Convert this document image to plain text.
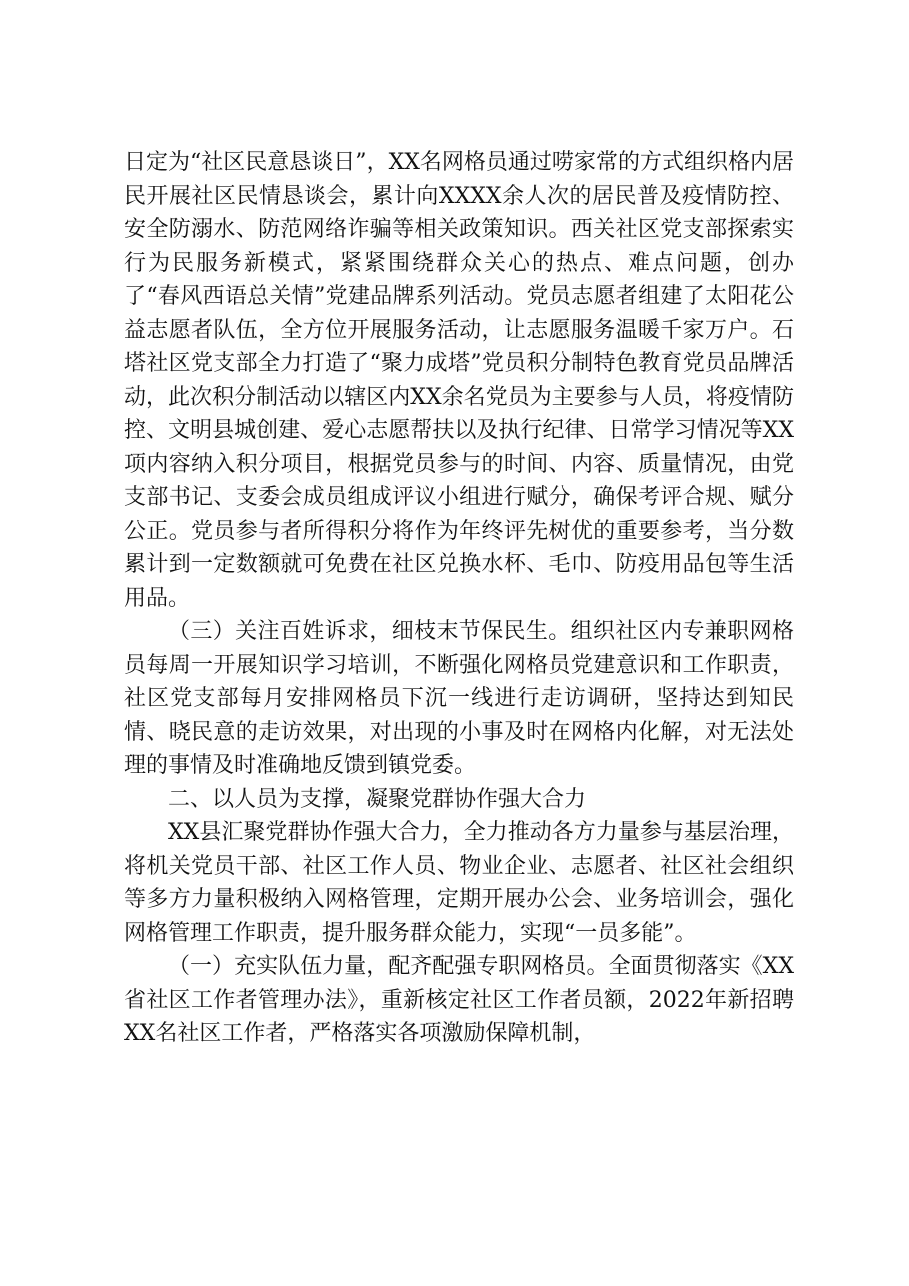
日定为“社区民意恳谈日”，XX名网格员通过唠家常的方式组织格内居民开展社区民情恳谈会，累计向XXXX余人次的居民普及疫情防控、安全防溺水、防范网络诈骗等相关政策知识。西关社区党支部探索实行为民服务新模式，紧紧围绕群众关心的热点、难点问题，创办了“春风西语总关情”党建品牌系列活动。党员志愿者组建了太阳花公益志愿者队伍，全方位开展服务活动，让志愿服务温暖千家万户。石塔社区党支部全力打造了“聚力成塔”党员积分制特色教育党员品牌活动，此次积分制活动以辖区内XX余名党员为主要参与人员，将疫情防控、文明县城创建、爱心志愿帮扶以及执行纪律、日常学习情况等XX项内容纳入积分项目，根据党员参与的时间、内容、质量情况，由党支部书记、支委会成员组成评议小组进行赋分，确保考评合规、赋分公正。党员参与者所得积分将作为年终评先树优的重要参考，当分数累计到一定数额就可免费在社区兑换水杯、毛巾、防疫用品包等生活用品。

（三）关注百姓诉求，细枝末节保民生。组织社区内专兼职网格员每周一开展知识学习培训，不断强化网格员党建意识和工作职责，社区党支部每月安排网格员下沉一线进行走访调研，坚持达到知民情、晓民意的走访效果，对出现的小事及时在网格内化解，对无法处理的事情及时准确地反馈到镇党委。

二、以人员为支撑，凝聚党群协作强大合力

XX县汇聚党群协作强大合力，全力推动各方力量参与基层治理，将机关党员干部、社区工作人员、物业企业、志愿者、社区社会组织等多方力量积极纳入网格管理，定期开展办公会、业务培训会，强化网格管理工作职责，提升服务群众能力，实现“一员多能”。

（一）充实队伍力量，配齐配强专职网格员。全面贯彻落实《XX省社区工作者管理办法》，重新核定社区工作者员额，2022年新招聘XX名社区工作者，严格落实各项激励保障机制，
